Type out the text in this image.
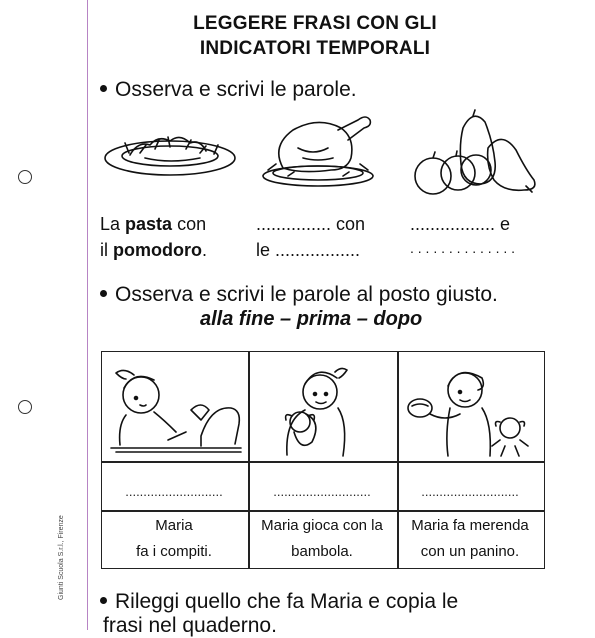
Giunti Scuola S.r.l., Firenze
LEGGERE FRASI CON GLI
INDICATORI TEMPORALI
Osserva e scrivi le parole.
La pasta con
il pomodoro.
............... con
le .................
................. e
. . . . . . . . . . . . . .
Osserva e scrivi le parole al posto giusto.
alla fine – prima – dopo
...........................	...........................	...........................
Maria
fa i compiti.
Maria gioca con la
bambola.
Maria fa merenda
con un panino.
Rileggi quello che fa Maria e copia le
frasi nel quaderno.
